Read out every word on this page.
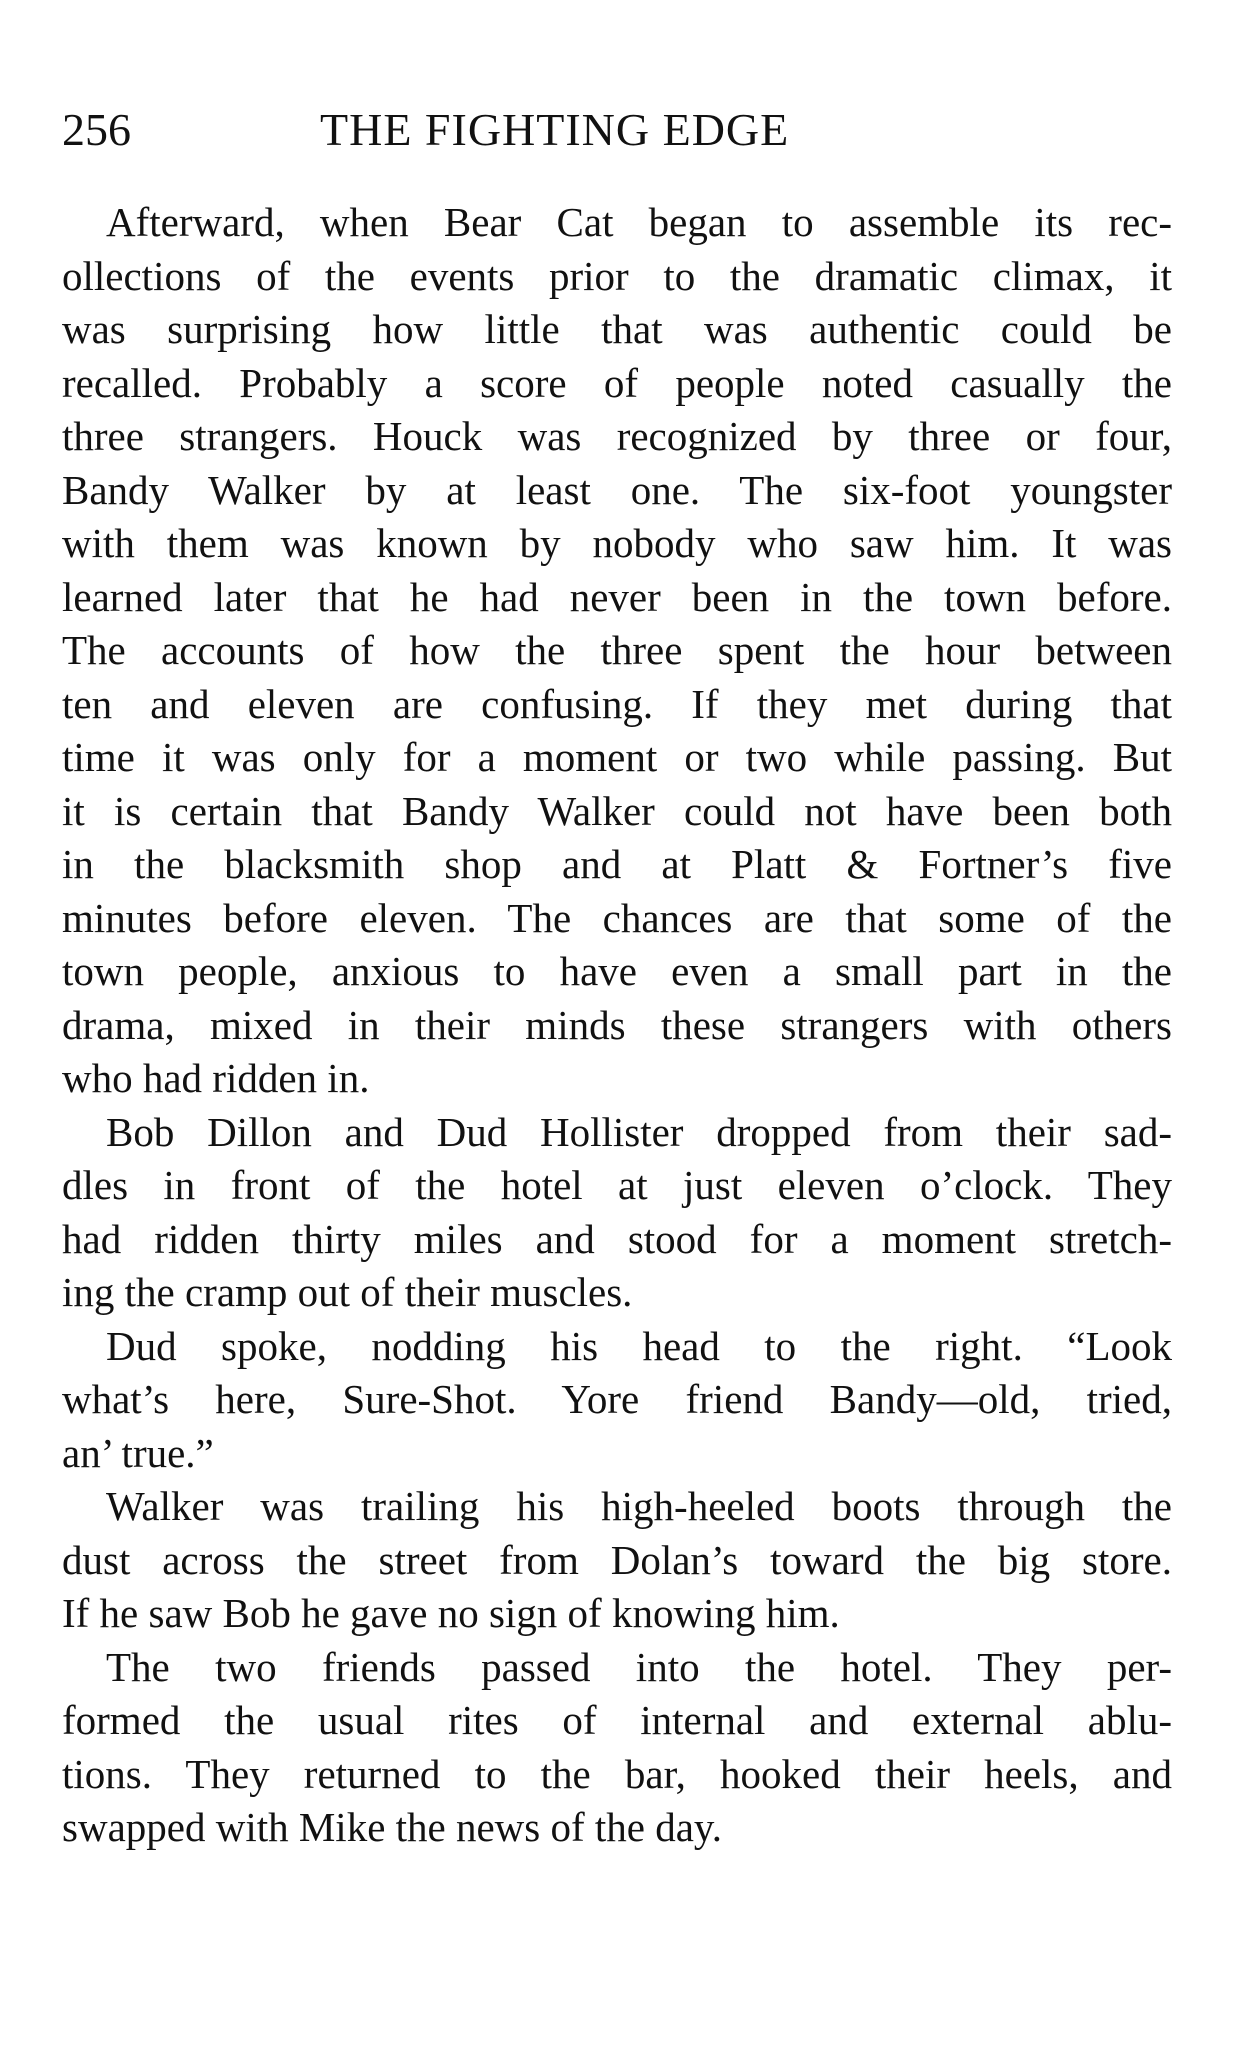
256	THE FIGHTING EDGE

Afterward, when Bear Cat began to assemble its rec-
ollections of the events prior to the dramatic climax, it
was surprising how little that was authentic could be
recalled. Probably a score of people noted casually the
three strangers. Houck was recognized by three or four,
Bandy Walker by at least one. The six-foot youngster
with them was known by nobody who saw him. It was
learned later that he had never been in the town before.
The accounts of how the three spent the hour between
ten and eleven are confusing. If they met during that
time it was only for a moment or two while passing. But
it is certain that Bandy Walker could not have been both
in the blacksmith shop and at Platt & Fortner’s five
minutes before eleven. The chances are that some of the
town people, anxious to have even a small part in the
drama, mixed in their minds these strangers with others
who had ridden in.

Bob Dillon and Dud Hollister dropped from their sad-
dles in front of the hotel at just eleven o’clock. They
had ridden thirty miles and stood for a moment stretch-
ing the cramp out of their muscles.

Dud spoke, nodding his head to the right. “Look
what’s here, Sure-Shot. Yore friend Bandy—old, tried,
an’ true.”

Walker was trailing his high-heeled boots through the
dust across the street from Dolan’s toward the big store.
If he saw Bob he gave no sign of knowing him.

The two friends passed into the hotel. They per-
formed the usual rites of internal and external ablu-
tions. They returned to the bar, hooked their heels, and
swapped with Mike the news of the day.
